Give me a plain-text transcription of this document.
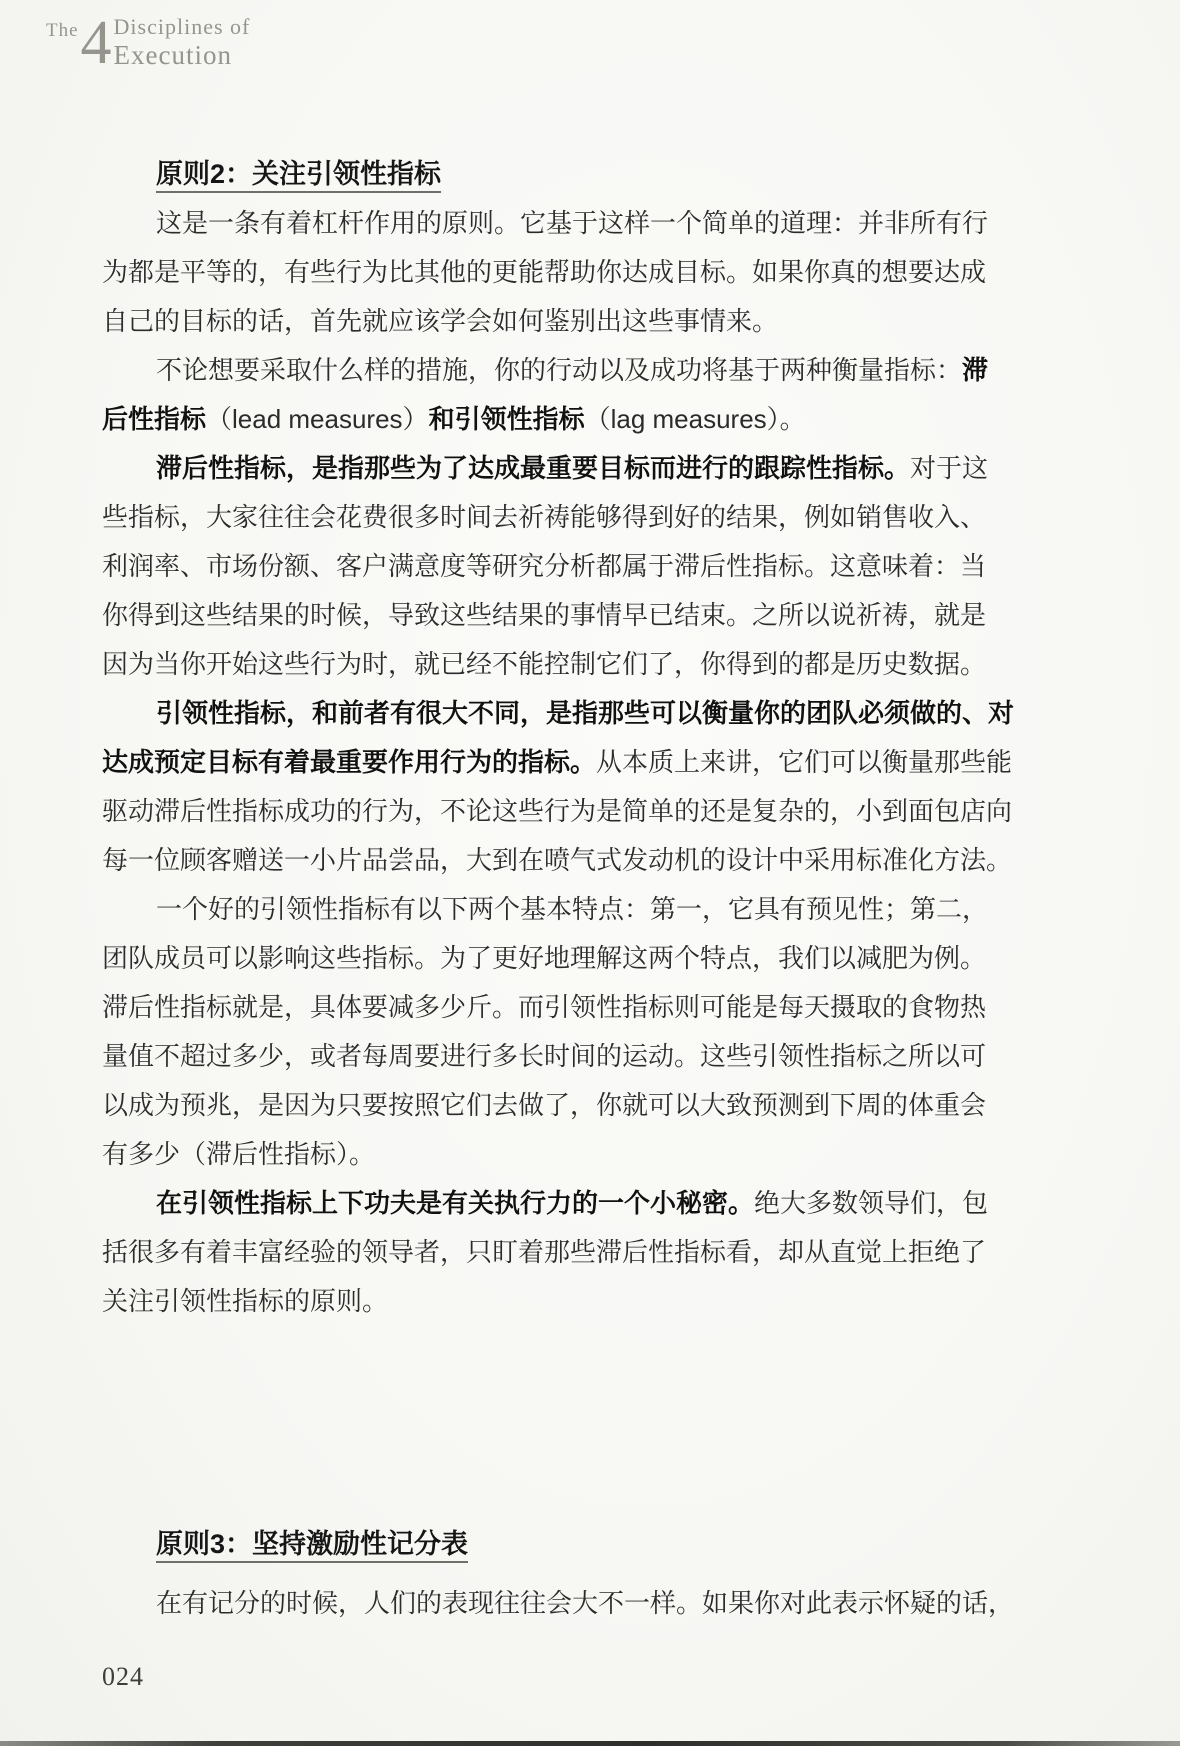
The 4 Disciplines of
Execution
原则2：关注引领性指标
这是一条有着杠杆作用的原则。它基于这样一个简单的道理：并非所有行
为都是平等的，有些行为比其他的更能帮助你达成目标。如果你真的想要达成
自己的目标的话，首先就应该学会如何鉴别出这些事情来。
不论想要采取什么样的措施，你的行动以及成功将基于两种衡量指标：滞
后性指标（lead measures）和引领性指标（lag measures）。
滞后性指标，是指那些为了达成最重要目标而进行的跟踪性指标。对于这
些指标，大家往往会花费很多时间去祈祷能够得到好的结果，例如销售收入、
利润率、市场份额、客户满意度等研究分析都属于滞后性指标。这意味着：当
你得到这些结果的时候，导致这些结果的事情早已结束。之所以说祈祷，就是
因为当你开始这些行为时，就已经不能控制它们了，你得到的都是历史数据。
引领性指标，和前者有很大不同，是指那些可以衡量你的团队必须做的、对
达成预定目标有着最重要作用行为的指标。从本质上来讲，它们可以衡量那些能
驱动滞后性指标成功的行为，不论这些行为是简单的还是复杂的，小到面包店向
每一位顾客赠送一小片品尝品，大到在喷气式发动机的设计中采用标准化方法。
一个好的引领性指标有以下两个基本特点：第一，它具有预见性；第二，
团队成员可以影响这些指标。为了更好地理解这两个特点，我们以减肥为例。
滞后性指标就是，具体要减多少斤。而引领性指标则可能是每天摄取的食物热
量值不超过多少，或者每周要进行多长时间的运动。这些引领性指标之所以可
以成为预兆，是因为只要按照它们去做了，你就可以大致预测到下周的体重会
有多少（滞后性指标）。
在引领性指标上下功夫是有关执行力的一个小秘密。绝大多数领导们，包
括很多有着丰富经验的领导者，只盯着那些滞后性指标看，却从直觉上拒绝了
关注引领性指标的原则。
原则3：坚持激励性记分表
在有记分的时候，人们的表现往往会大不一样。如果你对此表示怀疑的话，
024
